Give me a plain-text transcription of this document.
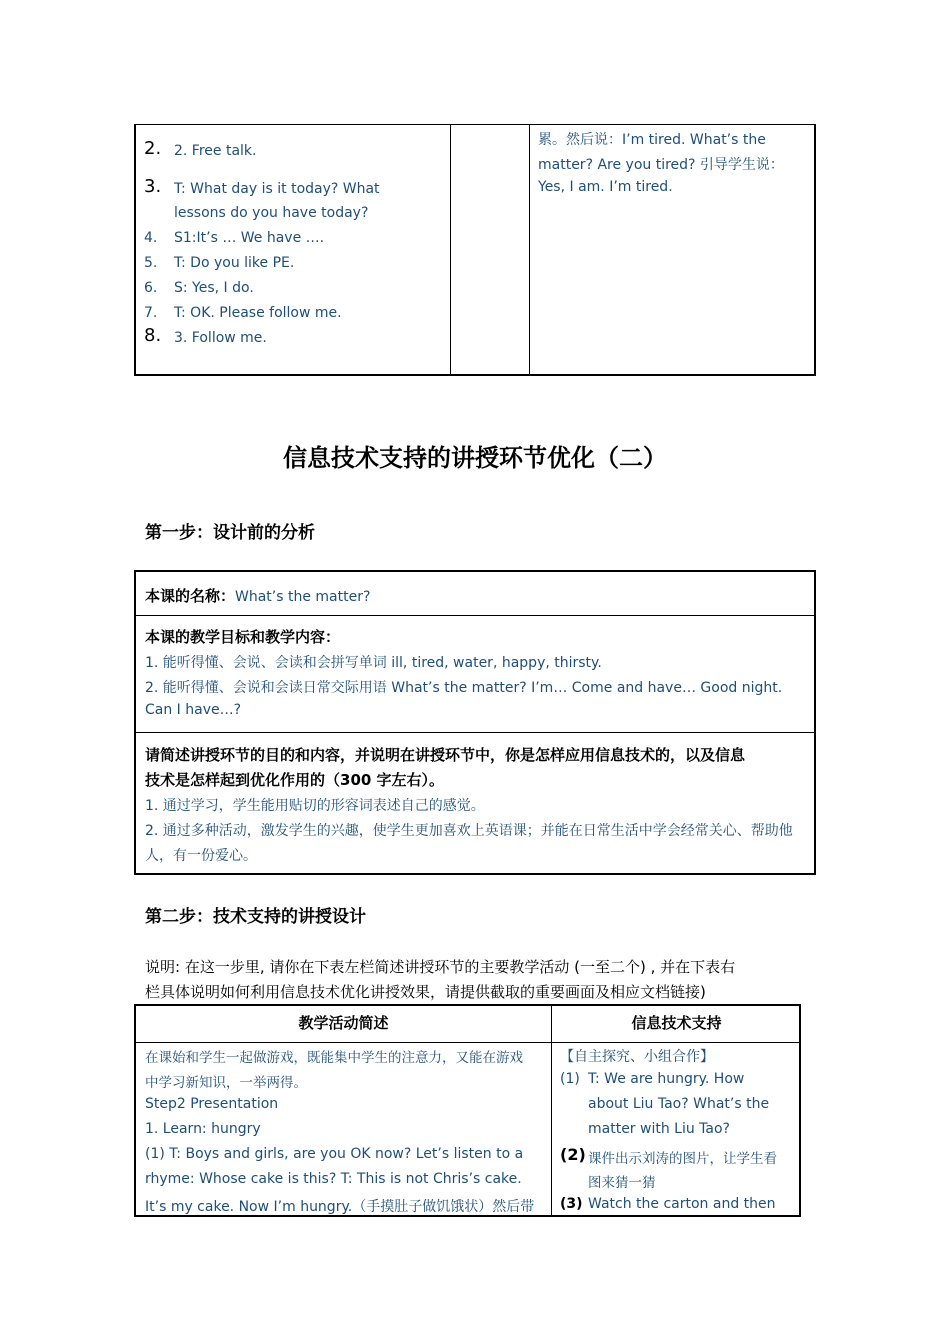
2. 2. Free talk.
3. T: What day is it today? What
lessons do you have today?
4. S1:It’s … We have ….
5. T: Do you like PE.
6. S: Yes, I do.
7. T: OK. Please follow me.
8. 3. Follow me.
累。然后说：I’m tired. What’s the
matter? Are you tired? 引导学生说：
Yes, I am. I’m tired.
信息技术支持的讲授环节优化（二）
第一步：设计前的分析
本课的名称：What’s the matter?
本课的教学目标和教学内容：
1. 能听得懂、会说、会读和会拼写单词 ill, tired, water, happy, thirsty.
2. 能听得懂、会说和会读日常交际用语 What’s the matter? I’m… Come and have… Good night.
Can I have…?
请简述讲授环节的目的和内容，并说明在讲授环节中，你是怎样应用信息技术的，以及信息
技术是怎样起到优化作用的（300 字左右）。
1. 通过学习，学生能用贴切的形容词表述自己的感觉。
2. 通过多种活动，激发学生的兴趣，使学生更加喜欢上英语课；并能在日常生活中学会经常关心、帮助他
人，有一份爱心。
第二步：技术支持的讲授设计
说明: 在这一步里, 请你在下表左栏简述讲授环节的主要教学活动 (一至二个) , 并在下表右
栏具体说明如何利用信息技术优化讲授效果，请提供截取的重要画面及相应文档链接)
教学活动简述	信息技术支持
在课始和学生一起做游戏，既能集中学生的注意力，又能在游戏
中学习新知识，一举两得。
Step2 Presentation
1. Learn: hungry
(1) T: Boys and girls, are you OK now? Let’s listen to a
rhyme: Whose cake is this? T: This is not Chris’s cake.
It’s my cake. Now I’m hungry.（手摸肚子做饥饿状）然后带
【自主探究、小组合作】
(1) T: We are hungry. How
about Liu Tao? What’s the
matter with Liu Tao?
(2) 课件出示刘涛的图片，让学生看
图来猜一猜
(3) Watch the carton and then
